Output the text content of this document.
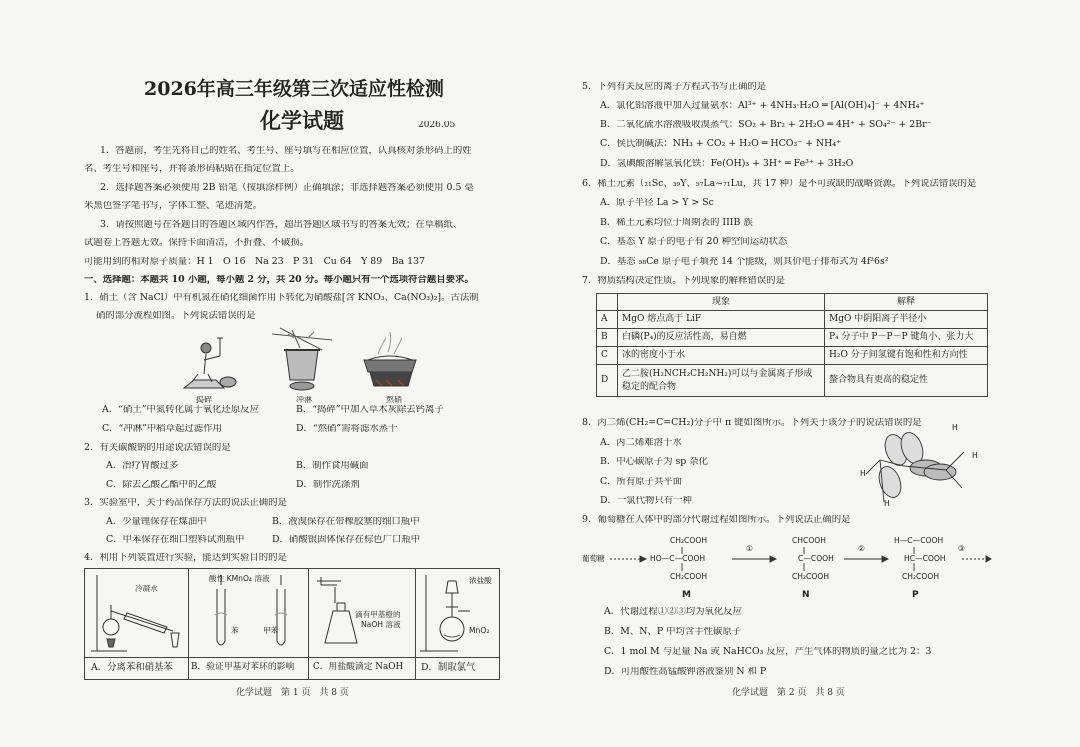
2026年高三年级第三次适应性检测
化学试题	2026.05
1．答题前，考生先将自己的姓名、考生号、座号填写在相应位置，认真核对条形码上的姓
名、考生号和座号，并将条形码粘贴在指定位置上。
2．选择题答案必须使用 2B 铅笔（按填涂样例）正确填涂；非选择题答案必须使用 0.5 毫
米黑色签字笔书写，字体工整、笔迹清楚。
3．请按照题号在各题目的答题区域内作答，超出答题区域书写的答案无效；在草稿纸、
试题卷上答题无效。保持卡面清洁，不折叠、不破损。
可能用到的相对原子质量：H 1　O 16　Na 23　P 31　Cu 64　Y 89　Ba 137
一、选择题：本题共 10 小题，每小题 2 分，共 20 分。每小题只有一个选项符合题目要求。
1．硝土（含 NaCl）中有机氮在硝化细菌作用下转化为硝酸盐[含 KNO₃、Ca(NO₃)₂]。古法制
硝的部分流程如图。下列说法错误的是
捣碎	冲淋	熬硝
A．“硝土”中氮转化属于氧化还原反应	B．“捣碎”中加入草木灰除去钙离子
C．“冲淋”中稻草起过滤作用	D．“熬硝”需将滤水蒸干
2．有关碳酸钠的用途说法错误的是
A．治疗胃酸过多	B．制作食用碱面
C．除去乙酸乙酯中的乙酸	D．制作洗涤剂
3．实验室中，关于药品保存方法的说法正确的是
A．少量锂保存在煤油中	B．液溴保存在带橡胶塞的细口瓶中
C．甲苯保存在细口塑料试剂瓶中	D．硝酸银固体保存在棕色广口瓶中
4．利用下列装置进行实验，能达到实验目的的是
冷凝水
酸性 KMnO₄ 溶液
苯	甲苯
滴有甲基橙的
NaOH 溶液
浓盐酸
MnO₂
A．分离苯和硝基苯 B．验证甲基对苯环的影响 C．用盐酸滴定 NaOH D．制取氯气
化学试题　第 1 页　共 8 页
5．下列有关反应的离子方程式书写正确的是
A．氯化铝溶液中加入过量氨水：Al³⁺ + 4NH₃·H₂O ═ [Al(OH)₄]⁻ + 4NH₄⁺
B．二氧化硫水溶液吸收溴蒸气：SO₂ + Br₂ + 2H₂O ═ 4H⁺ + SO₄²⁻ + 2Br⁻
C．侯氏制碱法：NH₃ + CO₂ + H₂O ═ HCO₃⁻ + NH₄⁺
D．氢碘酸溶解氢氧化铁：Fe(OH)₃ + 3H⁺ ═ Fe³⁺ + 3H₂O
6．稀土元素（₂₁Sc、₃₉Y、₅₇La~₇₁Lu，共 17 种）是不可或缺的战略资源。下列说法错误的是
A．原子半径 La > Y > Sc
B．稀土元素均位于周期表的 IIIB 族
C．基态 Y 原子的电子有 20 种空间运动状态
D．基态 ₅₈Ce 原子电子填充 14 个能级，则其价电子排布式为 4f²6s²
7．物质结构决定性质。下列现象的解释错误的是
	现象	解释
A	MgO 熔点高于 LiF	MgO 中阴阳离子半径小
B	白磷(P₄)的反应活性高，易自燃	P₄ 分子中 P－P－P 键角小、张力大
C	冰的密度小于水	H₂O 分子间氢键有饱和性和方向性
D	乙二胺(H₂NCH₂CH₂NH₂)可以与金属离子形成稳定的配合物	螯合物具有更高的稳定性
8．丙二烯(CH₂=C=CH₂)分子中 π 键如图所示。下列关于该分子的说法错误的是
A．丙二烯难溶于水
B．中心碳原子为 sp 杂化
C．所有原子共平面
D．一氯代物只有一种
H
H
H
H
9．葡萄糖在人体中的部分代谢过程如图所示。下列说法正确的是
葡萄糖
①	②	③
CH₂COOH
HO—C—COOH
CH₂COOH
CHCOOH
C—COOH
CH₂COOH
H—C—COOH
HC—COOH
CH₂COOH
M	N	P
A．代谢过程①②③均为氧化反应
B．M、N、P 中均含手性碳原子
C．1 mol M 与足量 Na 或 NaHCO₃ 反应，产生气体的物质的量之比为 2：3
D．可用酸性高锰酸钾溶液鉴别 N 和 P
化学试题　第 2 页　共 8 页
